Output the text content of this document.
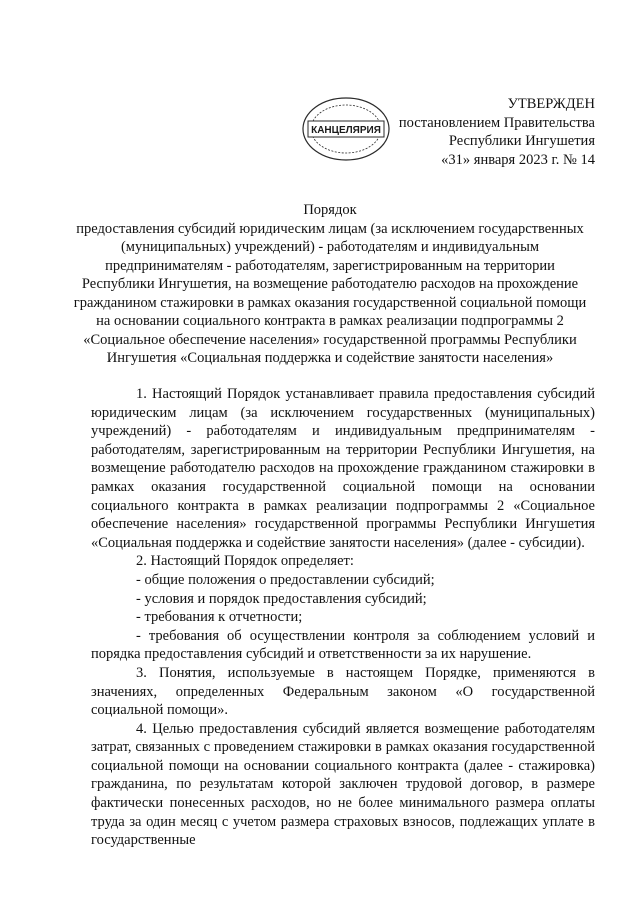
КАНЦЕЛЯРИЯ
УТВЕРЖДЕН
постановлением Правительства
Республики Ингушетия
«31» января 2023 г. № 14
Порядок
предоставления субсидий юридическим лицам (за исключением государственных (муниципальных) учреждений) - работодателям и индивидуальным предпринимателям - работодателям, зарегистрированным на территории Республики Ингушетия, на возмещение работодателю расходов на прохождение гражданином стажировки в рамках оказания государственной социальной помощи на основании социального контракта в рамках реализации подпрограммы 2 «Социальное обеспечение населения» государственной программы Республики Ингушетия «Социальная поддержка и содействие занятости населения»

1. Настоящий Порядок устанавливает правила предоставления субсидий юридическим лицам (за исключением государственных (муниципальных) учреждений) - работодателям и индивидуальным предпринимателям - работодателям, зарегистрированным на территории Республики Ингушетия, на возмещение работодателю расходов на прохождение гражданином стажировки в рамках оказания государственной социальной помощи на основании социального контракта в рамках реализации подпрограммы 2 «Социальное обеспечение населения» государственной программы Республики Ингушетия «Социальная поддержка и содействие занятости населения» (далее - субсидии).

2. Настоящий Порядок определяет:

- общие положения о предоставлении субсидий;

- условия и порядок предоставления субсидий;

- требования к отчетности;

- требования об осуществлении контроля за соблюдением условий и порядка предоставления субсидий и ответственности за их нарушение.

3. Понятия, используемые в настоящем Порядке, применяются в значениях, определенных Федеральным законом «О государственной социальной помощи».

4. Целью предоставления субсидий является возмещение работодателям затрат, связанных с проведением стажировки в рамках оказания государственной социальной помощи на основании социального контракта (далее - стажировка) гражданина, по результатам которой заключен трудовой договор, в размере фактически понесенных расходов, но не более минимального размера оплаты труда за один месяц с учетом размера страховых взносов, подлежащих уплате в государственные
